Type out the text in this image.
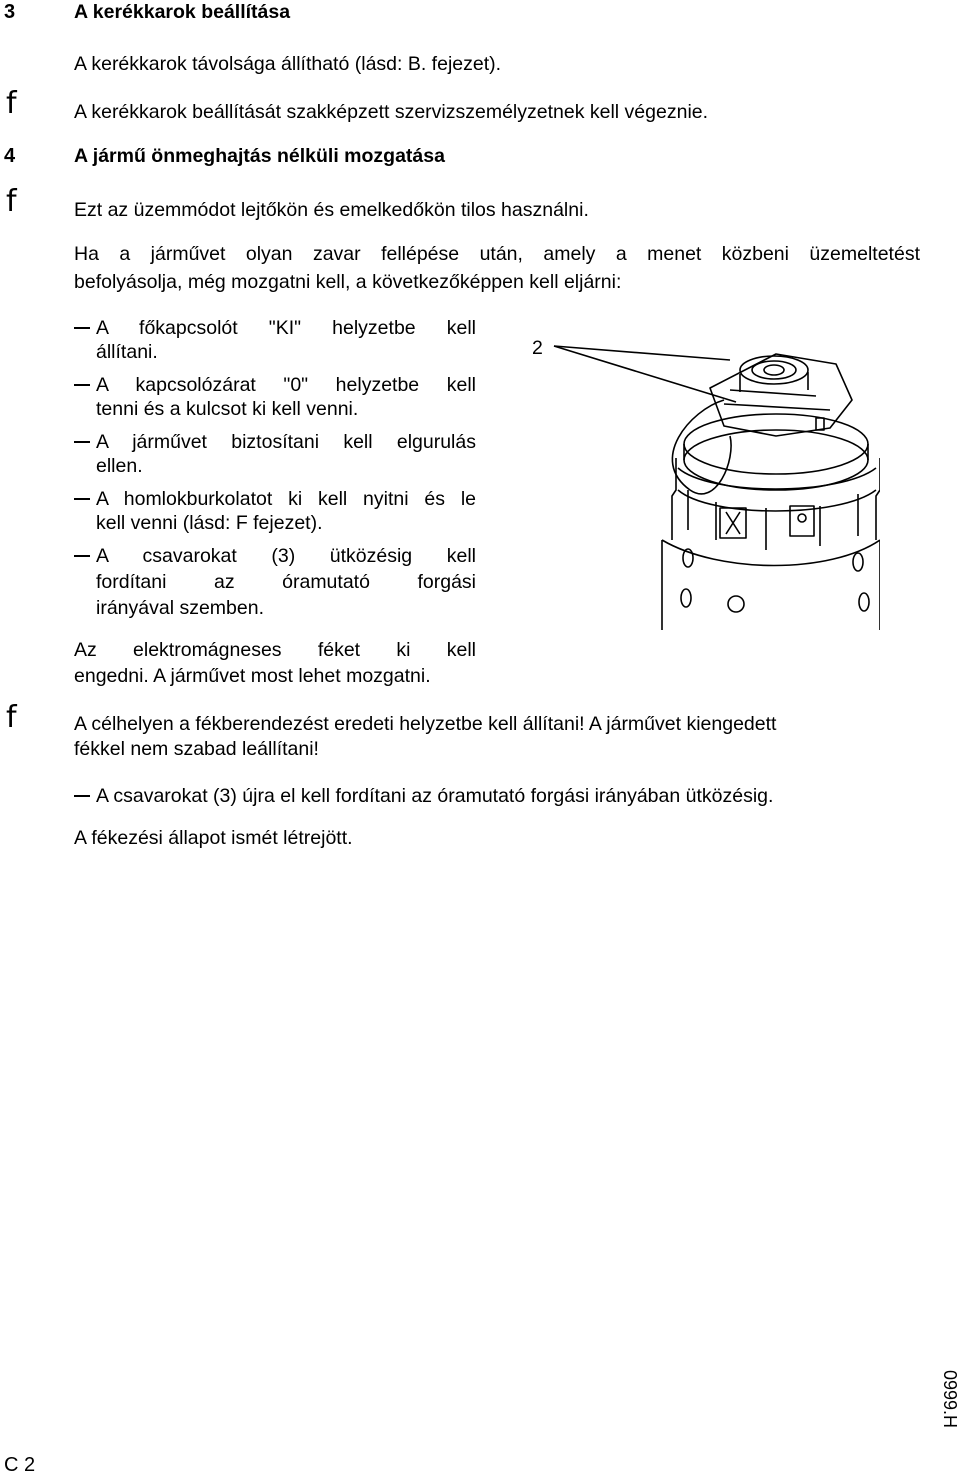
3	A kerékkarok beállítása
A kerékkarok távolsága állítható (lásd: B. fejezet).
f	A kerékkarok beállítását szakképzett szervizszemélyzetnek kell végeznie.
4	A jármű önmeghajtás nélküli mozgatása
f	Ezt az üzemmódot lejtőkön és emelkedőkön tilos használni.
Ha a járművet olyan zavar fellépése után, amely a menet közbeni üzemeltetést
befolyásolja, még mozgatni kell, a következőképpen kell eljárni:
A főkapcsolót "KI" helyzetbe kell
állítani.
A kapcsolózárat "0" helyzetbe kell
tenni és a kulcsot ki kell venni.
A járművet biztosítani kell elgurulás
ellen.
A homlokburkolatot ki kell nyitni és le
kell venni (lásd: F fejezet).
A csavarokat (3) ütközésig kell
fordítani az óramutató forgási
irányával szemben.
Az elektromágneses féket ki kell
engedni. A járművet most lehet mozgatni.
f	A célhelyen a fékberendezést eredeti helyzetbe kell állítani! A járművet kiengedett
fékkel nem szabad leállítani!
A csavarokat (3) újra el kell fordítani az óramutató forgási irányában ütközésig.
A fékezési állapot ismét létrejött.
2
0999.H
C 2
